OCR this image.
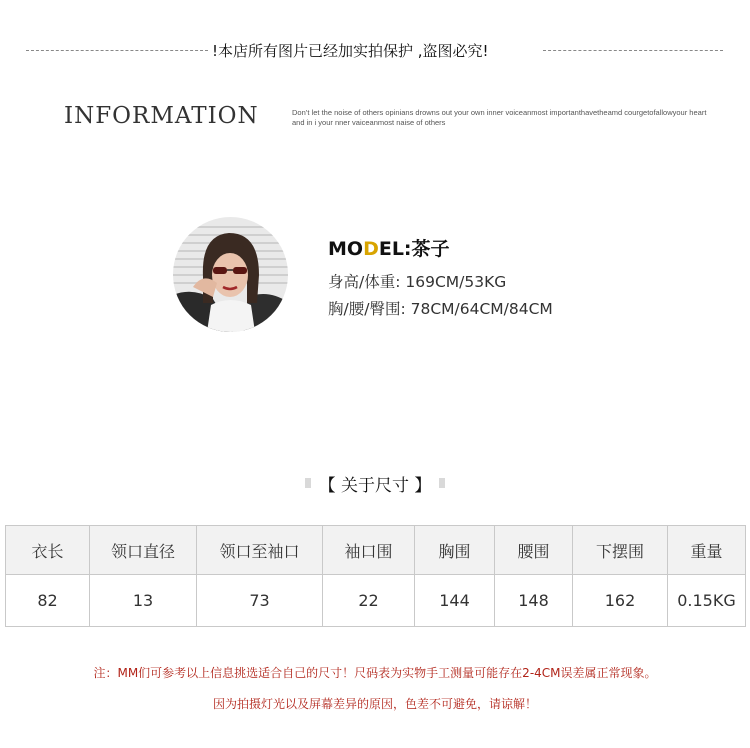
!本店所有图片已经加实拍保护 ,盗图必究!
INFORMATION	Don’t let the noise of others opinians drowns out your own inner voiceanmost importanthavetheamd courgetofallowyour heart and in i your nner vaiceanmost naise of others
MODEL:茶子
身高/体重: 169CM/53KG
胸/腰/臀围: 78CM/64CM/84CM
【 关于尺寸 】
衣长	领口直径	领口至袖口	袖口围	胸围	腰围	下摆围	重量
82	13	73	22	144	148	162	0.15KG
注：MM们可参考以上信息挑选适合自己的尺寸！尺码表为实物手工测量可能存在2-4CM误差属正常现象。
因为拍摄灯光以及屏幕差异的原因，色差不可避免，请谅解！
